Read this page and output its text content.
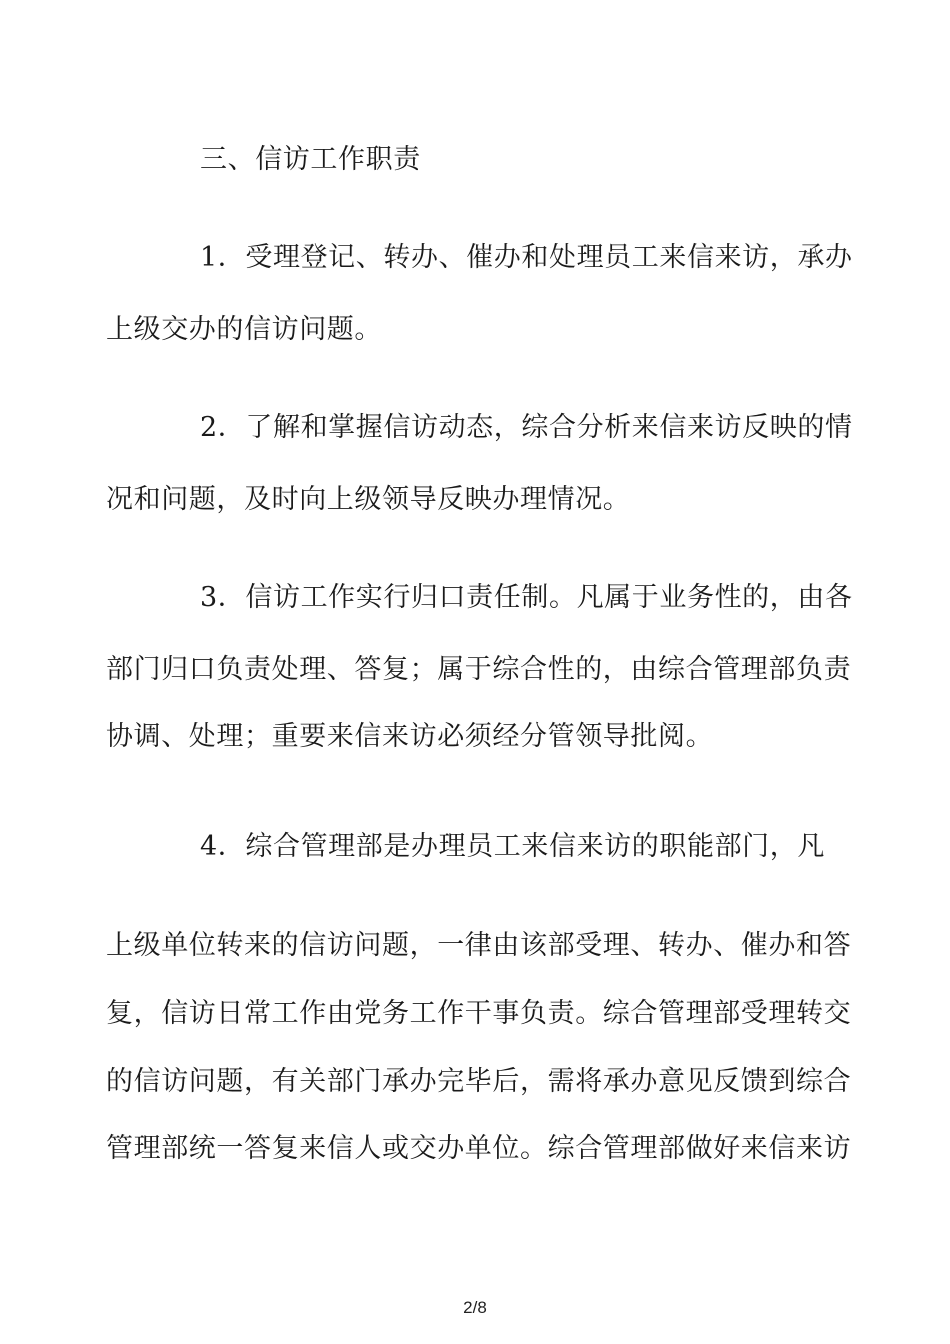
三、信访工作职责
1．受理登记、转办、催办和处理员工来信来访，承办
上级交办的信访问题。
2．了解和掌握信访动态，综合分析来信来访反映的情
况和问题，及时向上级领导反映办理情况。
3．信访工作实行归口责任制。凡属于业务性的，由各
部门归口负责处理、答复；属于综合性的，由综合管理部负责
协调、处理；重要来信来访必须经分管领导批阅。
4．综合管理部是办理员工来信来访的职能部门，凡
上级单位转来的信访问题，一律由该部受理、转办、催办和答
复，信访日常工作由党务工作干事负责。综合管理部受理转交
的信访问题，有关部门承办完毕后，需将承办意见反馈到综合
管理部统一答复来信人或交办单位。综合管理部做好来信来访
2/8
